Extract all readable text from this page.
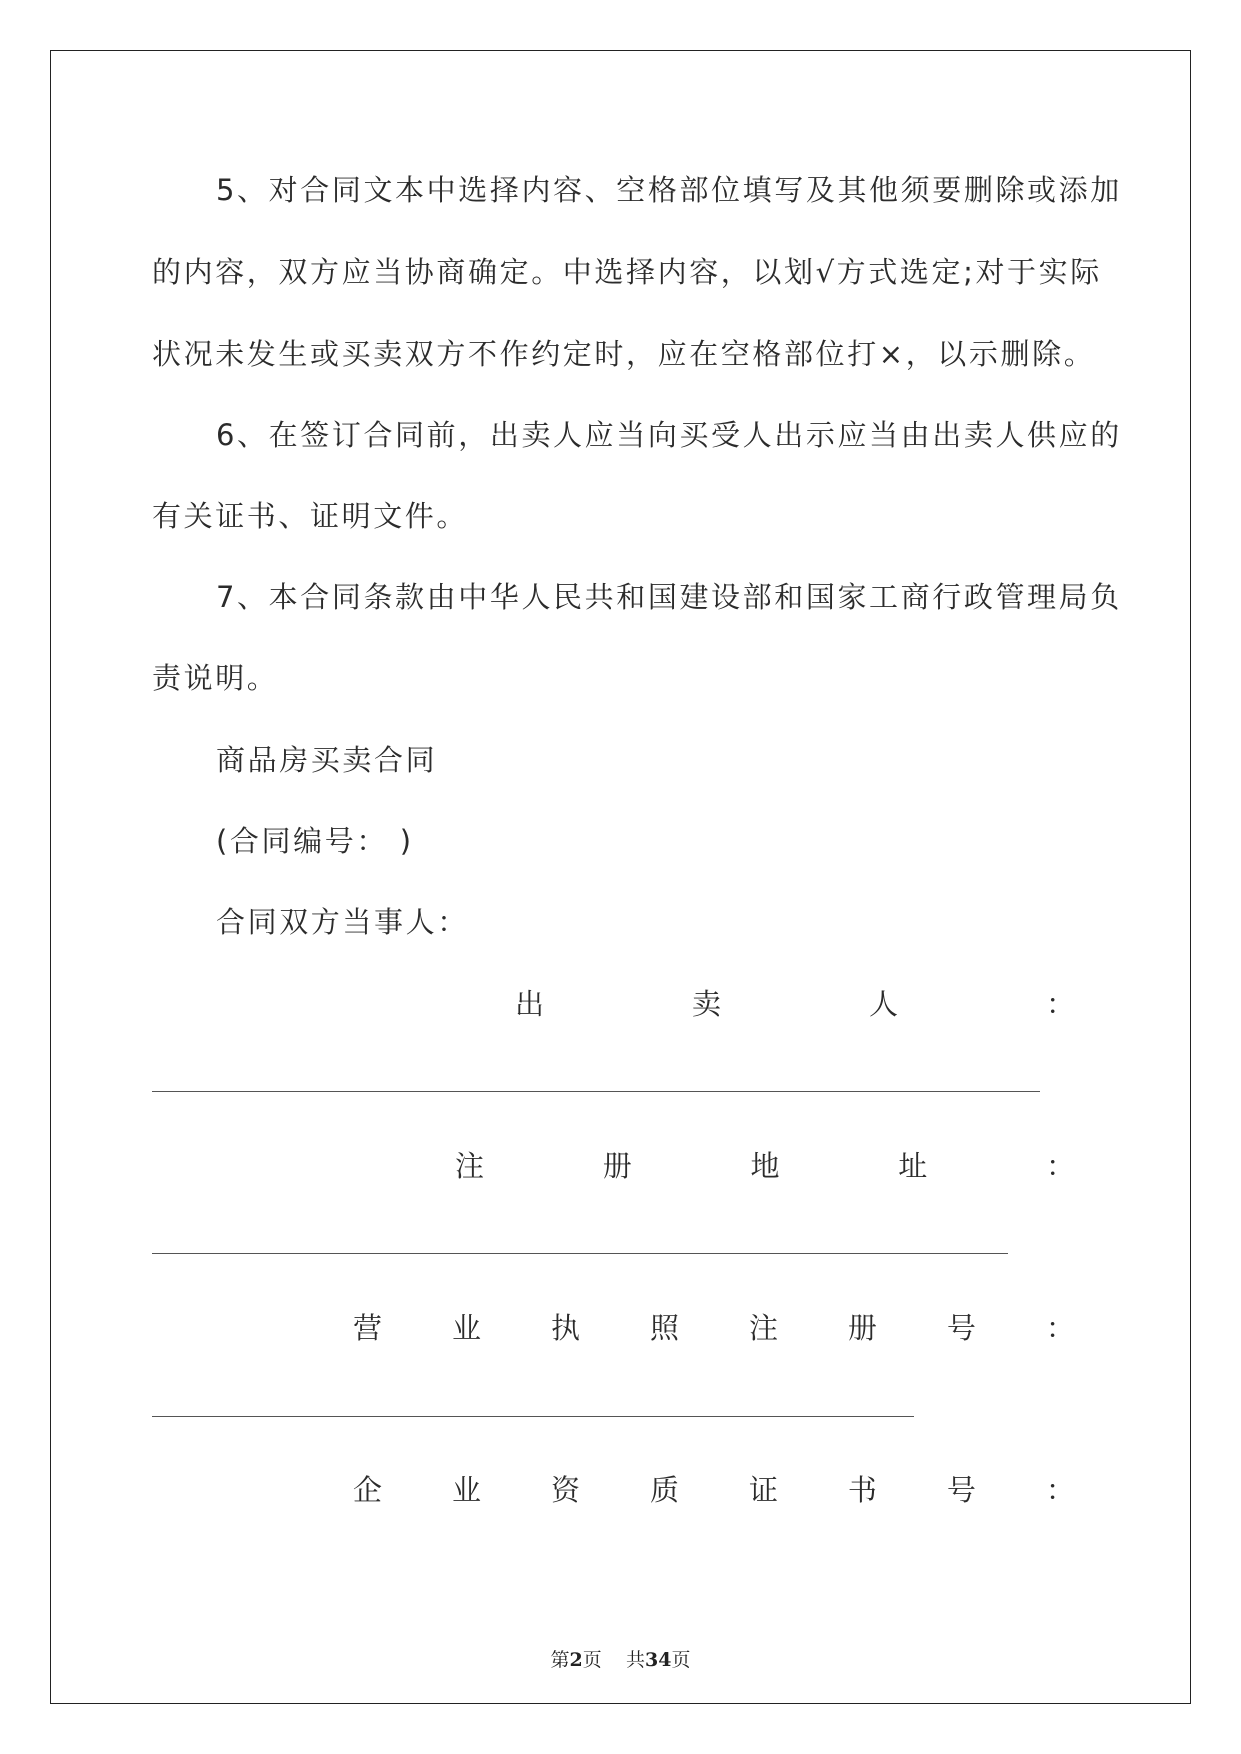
5、对合同文本中选择内容、空格部位填写及其他须要删除或添加
的内容，双方应当协商确定。中选择内容，以划√方式选定;对于实际
状况未发生或买卖双方不作约定时，应在空格部位打×，以示删除。
6、在签订合同前，出卖人应当向买受人出示应当由出卖人供应的
有关证书、证明文件。
7、本合同条款由中华人民共和国建设部和国家工商行政管理局负
责说明。
商品房买卖合同
(合同编号： )
合同双方当事人：
出	卖	人	：
注	册	地	址	：
营 业 执 照 注 册 号 ：
企 业 资 质 证 书 号 ：
第2页 共34页
